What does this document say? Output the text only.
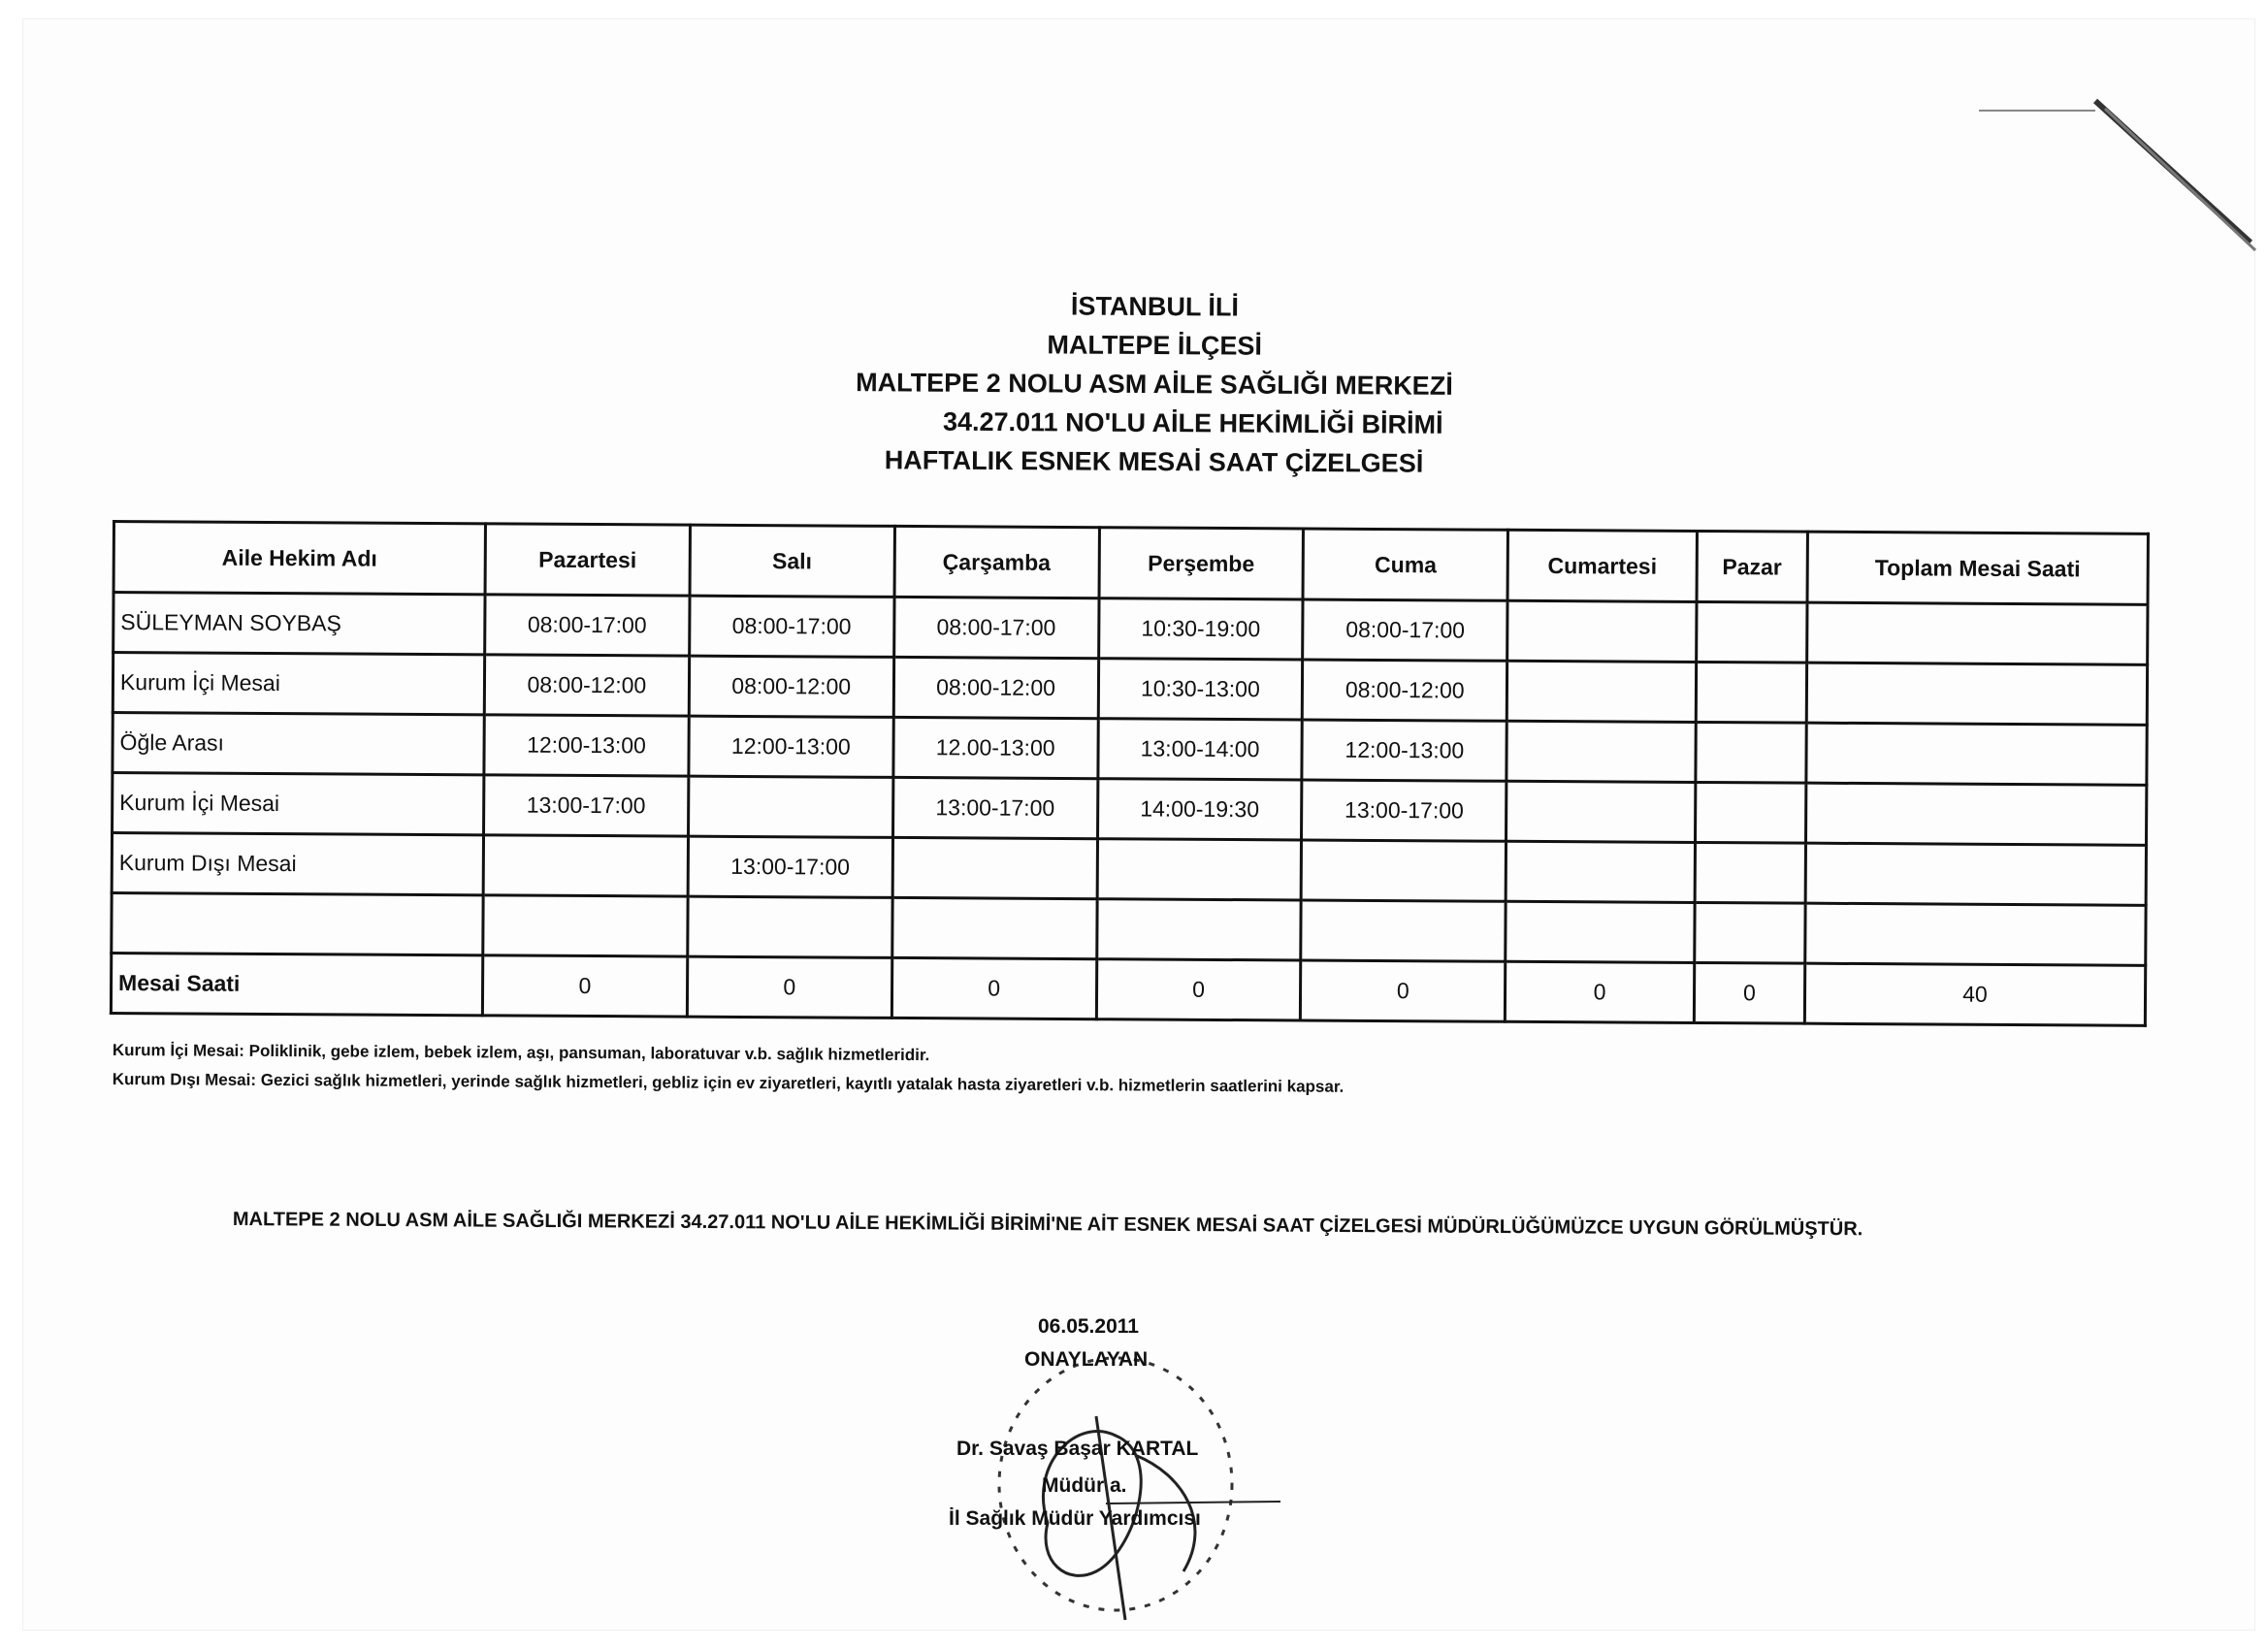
İSTANBUL İLİ
MALTEPE İLÇESİ
MALTEPE 2 NOLU ASM AİLE SAĞLIĞI MERKEZİ
34.27.011 NO'LU AİLE HEKİMLİĞİ BİRİMİ
HAFTALIK ESNEK MESAİ SAAT ÇİZELGESİ
Aile Hekim Adı	Pazartesi	Salı	Çarşamba	Perşembe	Cuma	Cumartesi	Pazar	Toplam Mesai Saati
SÜLEYMAN SOYBAŞ	08:00-17:00	08:00-17:00	08:00-17:00	10:30-19:00	08:00-17:00			
Kurum İçi Mesai	08:00-12:00	08:00-12:00	08:00-12:00	10:30-13:00	08:00-12:00			
Öğle Arası	12:00-13:00	12:00-13:00	12.00-13:00	13:00-14:00	12:00-13:00			
Kurum İçi Mesai	13:00-17:00		13:00-17:00	14:00-19:30	13:00-17:00			
Kurum Dışı Mesai		13:00-17:00						

Mesai Saati	0	0	0	0	0	0	0	40
Kurum İçi Mesai: Poliklinik, gebe izlem, bebek izlem, aşı, pansuman, laboratuvar v.b. sağlık hizmetleridir.
Kurum Dışı Mesai: Gezici sağlık hizmetleri, yerinde sağlık hizmetleri, gebliz için ev ziyaretleri, kayıtlı yatalak hasta ziyaretleri v.b. hizmetlerin saatlerini kapsar.
MALTEPE 2 NOLU ASM AİLE SAĞLIĞI MERKEZİ 34.27.011 NO'LU AİLE HEKİMLİĞİ BİRİMİ'NE AİT ESNEK MESAİ SAAT ÇİZELGESİ MÜDÜRLÜĞÜMÜZCE UYGUN GÖRÜLMÜŞTÜR.
06.05.2011
ONAYLAYAN
Dr. Savaş Başar KARTAL
Müdür a.
İl Sağlık Müdür Yardımcısı
